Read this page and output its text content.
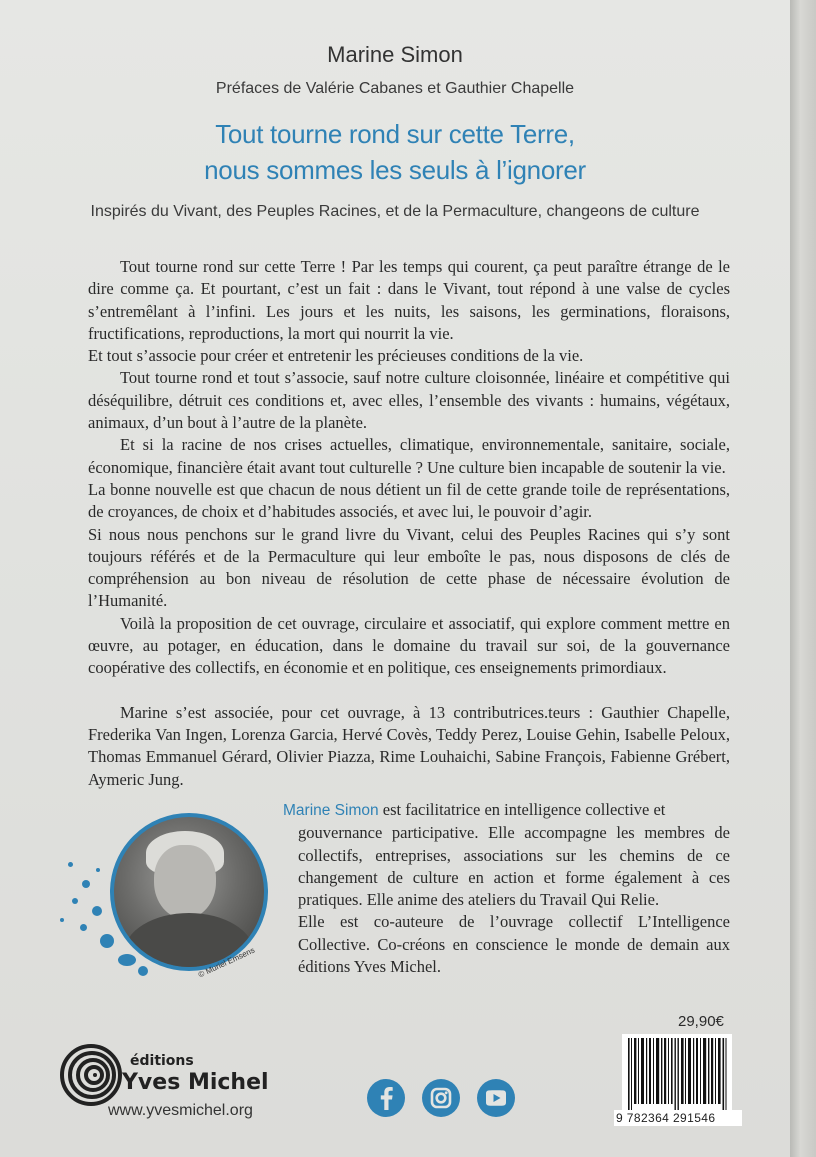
Marine Simon
Préfaces de Valérie Cabanes et Gauthier Chapelle
Tout tourne rond sur cette Terre,
nous sommes les seuls à l’ignorer
Inspirés du Vivant, des Peuples Racines, et de la Permaculture, changeons de culture

Tout tourne rond sur cette Terre ! Par les temps qui courent, ça peut paraître étrange de le dire comme ça. Et pourtant, c’est un fait : dans le Vivant, tout répond à une valse de cycles s’entremêlant à l’infini. Les jours et les nuits, les saisons, les germinations, floraisons, fructifications, reproductions, la mort qui nourrit la vie.

Et tout s’associe pour créer et entretenir les précieuses conditions de la vie.

Tout tourne rond et tout s’associe, sauf notre culture cloisonnée, linéaire et compétitive qui déséquilibre, détruit ces conditions et, avec elles, l’ensemble des vivants : humains, végétaux, animaux, d’un bout à l’autre de la planète.

Et si la racine de nos crises actuelles, climatique, environnementale, sanitaire, sociale, économique, financière était avant tout culturelle ? Une culture bien incapable de soutenir la vie.

La bonne nouvelle est que chacun de nous détient un fil de cette grande toile de représentations, de croyances, de choix et d’habitudes associés, et avec lui, le pouvoir d’agir.

Si nous nous penchons sur le grand livre du Vivant, celui des Peuples Racines qui s’y sont toujours référés et de la Permaculture qui leur emboîte le pas, nous disposons de clés de compréhension au bon niveau de résolution de cette phase de nécessaire évolution de l’Humanité.

Voilà la proposition de cet ouvrage, circulaire et associatif, qui explore comment mettre en œuvre, au potager, en éducation, dans le domaine du travail sur soi, de la gouvernance coopérative des collectifs, en économie et en politique, ces enseignements primordiaux.

Marine s’est associée, pour cet ouvrage, à 13 contributrices.teurs : Gauthier Chapelle, Frederika Van Ingen, Lorenza Garcia, Hervé Covès, Teddy Perez, Louise Gehin, Isabelle Peloux, Thomas Emmanuel Gérard, Olivier Piazza, Rime Louhaichi, Sabine François, Fabienne Grébert, Aymeric Jung.

© Muriel Emsens

Marine Simon est facilitatrice en intelligence collective et

gouvernance participative. Elle accompagne les membres de collectifs, entreprises, associations sur les chemins de ce changement de culture en action et forme également à ces pratiques. Elle anime des ateliers du Travail Qui Relie.

Elle est co-auteure de l’ouvrage collectif L’Intelligence Collective. Co-créons en conscience le monde de demain aux éditions Yves Michel.

éditions
Yves Michel
www.yvesmichel.org
29,90€
9 782364 291546
